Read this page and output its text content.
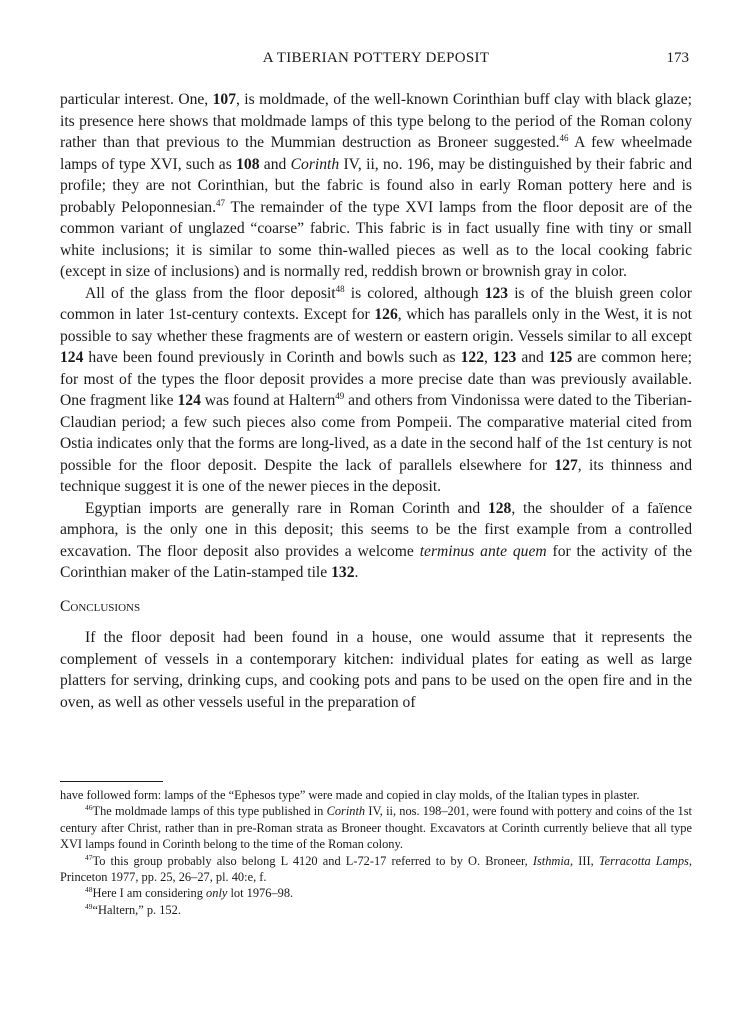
A TIBERIAN POTTERY DEPOSIT	173

particular interest. One, 107, is moldmade, of the well-known Corinthian buff clay with black glaze; its presence here shows that moldmade lamps of this type belong to the period of the Roman colony rather than that previous to the Mummian destruction as Broneer suggested.$^{46}$ A few wheelmade lamps of type XVI, such as 108 and Corinth IV, ii, no. 196, may be distinguished by their fabric and profile; they are not Corinthian, but the fabric is found also in early Roman pottery here and is probably Peloponnesian.$^{47}$ The remainder of the type XVI lamps from the floor deposit are of the common variant of unglazed “coarse” fabric. This fabric is in fact usually fine with tiny or small white inclusions; it is similar to some thin-walled pieces as well as to the local cooking fabric (except in size of inclusions) and is normally red, reddish brown or brownish gray in color.

All of the glass from the floor deposit$^{48}$ is colored, although 123 is of the bluish green color common in later 1st-century contexts. Except for 126, which has parallels only in the West, it is not possible to say whether these fragments are of western or eastern origin. Vessels similar to all except 124 have been found previously in Corinth and bowls such as 122, 123 and 125 are common here; for most of the types the floor deposit provides a more precise date than was previously available. One fragment like 124 was found at Haltern$^{49}$ and others from Vindonissa were dated to the Tiberian-Claudian period; a few such pieces also come from Pompeii. The comparative material cited from Ostia indicates only that the forms are long-lived, as a date in the second half of the 1st century is not possible for the floor deposit. Despite the lack of parallels elsewhere for 127, its thinness and technique suggest it is one of the newer pieces in the deposit.

Egyptian imports are generally rare in Roman Corinth and 128, the shoulder of a faïence amphora, is the only one in this deposit; this seems to be the first example from a controlled excavation. The floor deposit also provides a welcome terminus ante quem for the activity of the Corinthian maker of the Latin-stamped tile 132.

Conclusions

If the floor deposit had been found in a house, one would assume that it represents the complement of vessels in a contemporary kitchen: individual plates for eating as well as large platters for serving, drinking cups, and cooking pots and pans to be used on the open fire and in the oven, as well as other vessels useful in the preparation of

have followed form: lamps of the “Ephesos type” were made and copied in clay molds, of the Italian types in plaster.

$^{46}$The moldmade lamps of this type published in Corinth IV, ii, nos. 198–201, were found with pottery and coins of the 1st century after Christ, rather than in pre-Roman strata as Broneer thought. Excavators at Corinth currently believe that all type XVI lamps found in Corinth belong to the time of the Roman colony.

$^{47}$To this group probably also belong L 4120 and L-72-17 referred to by O. Broneer, Isthmia, III, Terracotta Lamps, Princeton 1977, pp. 25, 26–27, pl. 40:e, f.

$^{48}$Here I am considering only lot 1976–98.

$^{49}$“Haltern,” p. 152.
